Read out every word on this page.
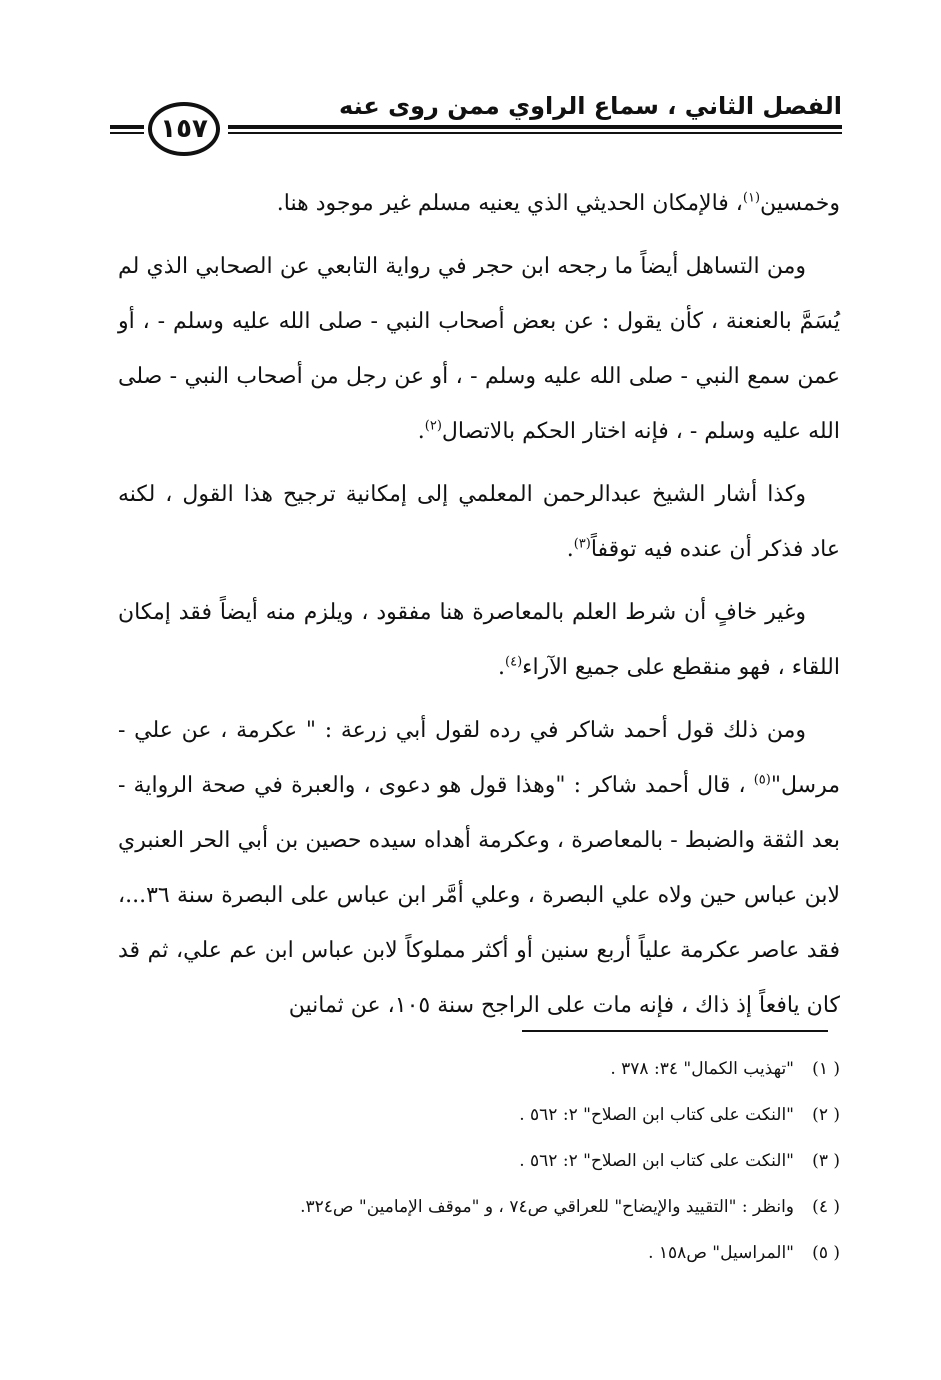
الفصل الثاني ، سماع الراوي ممن روى عنه
١٥٧

وخمسين$^{(١)}$، فالإمكان الحديثي الذي يعنيه مسلم غير موجود هنا.

ومن التساهل أيضاً ما رجحه ابن حجر في رواية التابعي عن الصحابي الذي لم يُسَمَّ بالعنعنة ، كأن يقول : عن بعض أصحاب النبي - صلى الله عليه وسلم - ، أو عمن سمع النبي - صلى الله عليه وسلم - ، أو عن رجل من أصحاب النبي - صلى الله عليه وسلم - ، فإنه اختار الحكم بالاتصال$^{(٢)}$.

وكذا أشار الشيخ عبدالرحمن المعلمي إلى إمكانية ترجيح هذا القول ، لكنه عاد فذكر أن عنده فيه توقفاً$^{(٣)}$.

وغير خافٍ أن شرط العلم بالمعاصرة هنا مفقود ، ويلزم منه أيضاً فقد إمكان اللقاء ، فهو منقطع على جميع الآراء$^{(٤)}$.

ومن ذلك قول أحمد شاكر في رده لقول أبي زرعة : " عكرمة ، عن علي - مرسل"$^{(٥)}$ ، قال أحمد شاكر : "وهذا قول هو دعوى ، والعبرة في صحة الرواية - بعد الثقة والضبط - بالمعاصرة ، وعكرمة أهداه سيده حصين بن أبي الحر العنبري لابن عباس حين ولاه علي البصرة ، وعلي أمَّر ابن عباس على البصرة سنة ٣٦...، فقد عاصر عكرمة علياً أربع سنين أو أكثر مملوكاً لابن عباس ابن عم علي، ثم قد كان يافعاً إذ ذاك ، فإنه مات على الراجح سنة ١٠٥، عن ثمانين

( ١)
"تهذيب الكمال" ٣٤: ٣٧٨ .
( ٢)
"النكت على كتاب ابن الصلاح" ٢: ٥٦٢ .
( ٣)
"النكت على كتاب ابن الصلاح" ٢: ٥٦٢ .
( ٤)
وانظر : "التقييد والإيضاح" للعراقي ص٧٤ ، و "موقف الإمامين" ص٣٢٤.
( ٥)
"المراسيل" ص١٥٨ .
